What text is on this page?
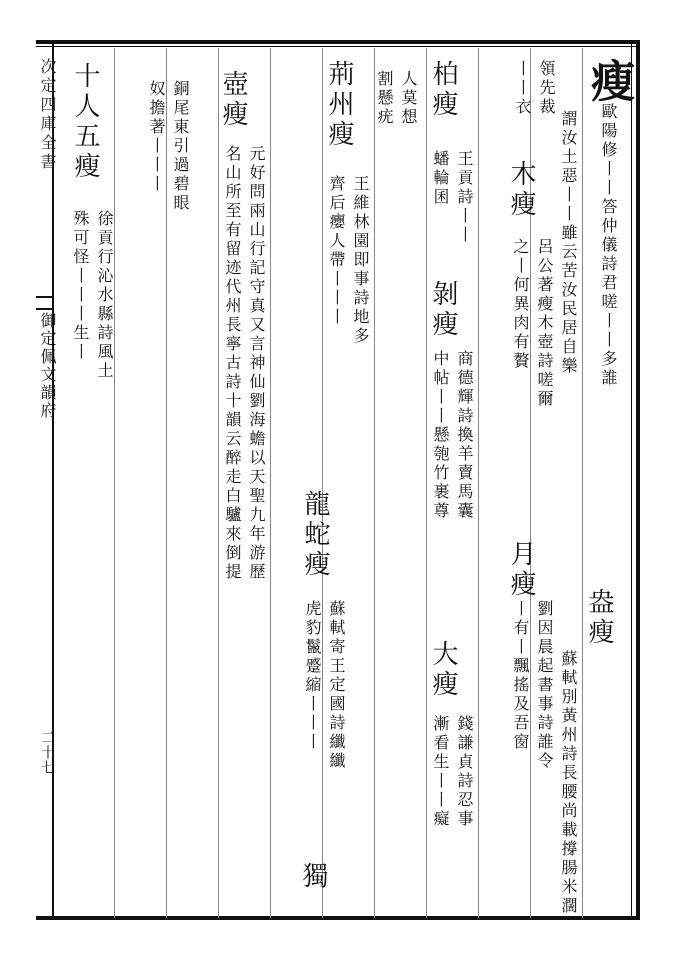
次定四庫全書
御定佩文韻府
二十七
瘦歐陽修丨丨答仲儀詩君嗟丨丨多誰
謂汝土惡丨丨雖云苦汝民居自樂
盎瘦
蘇軾別黃州詩長腰尚載撐腸米濶
領先裁
丨丨衣
木瘦
呂公著瘦木壺詩嗟爾
之丨何異肉有贅
月瘦
劉因晨起書事詩誰令
丨有丨飄搖及吾窗
柏瘦
王貢詩丨丨
蟠輪囷
剝瘦
商德輝詩換羊賣馬囊
中帖丨丨懸匏竹裹尊
大瘦
錢謙貞詩忍事
漸看生丨丨癡
人莫想
割懸疣
荊州瘦
王維林園即事詩地多
齊后癭人帶丨丨丨
龍蛇瘦
蘇軾寄王定國詩纖纖
虎豹鬣蹙縮丨丨丨
獨
壺瘦
元好問兩山行記守真又言神仙劉海蟾以天聖九年游歷
名山所至有留迹代州長寧古詩十韻云醉走白驢來倒提
銅尾東引過碧眼
奴擔著丨丨丨
十人五瘦
徐貢行沁水縣詩風土
殊可怪丨丨丨生丨
